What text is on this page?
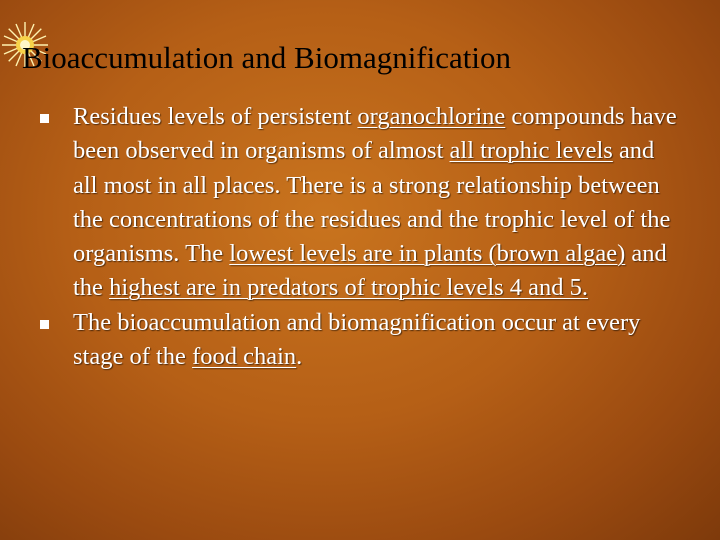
Bioaccumulation and Biomagnification
Residues levels of persistent organochlorine compounds have been observed in organisms of almost all trophic levels and all most in all places. There is a strong relationship between the concentrations of the residues and the trophic level of the organisms. The lowest levels are in plants (brown algae) and the highest are in predators of trophic levels 4 and 5.
The bioaccumulation and biomagnification occur at every stage of the food chain.
